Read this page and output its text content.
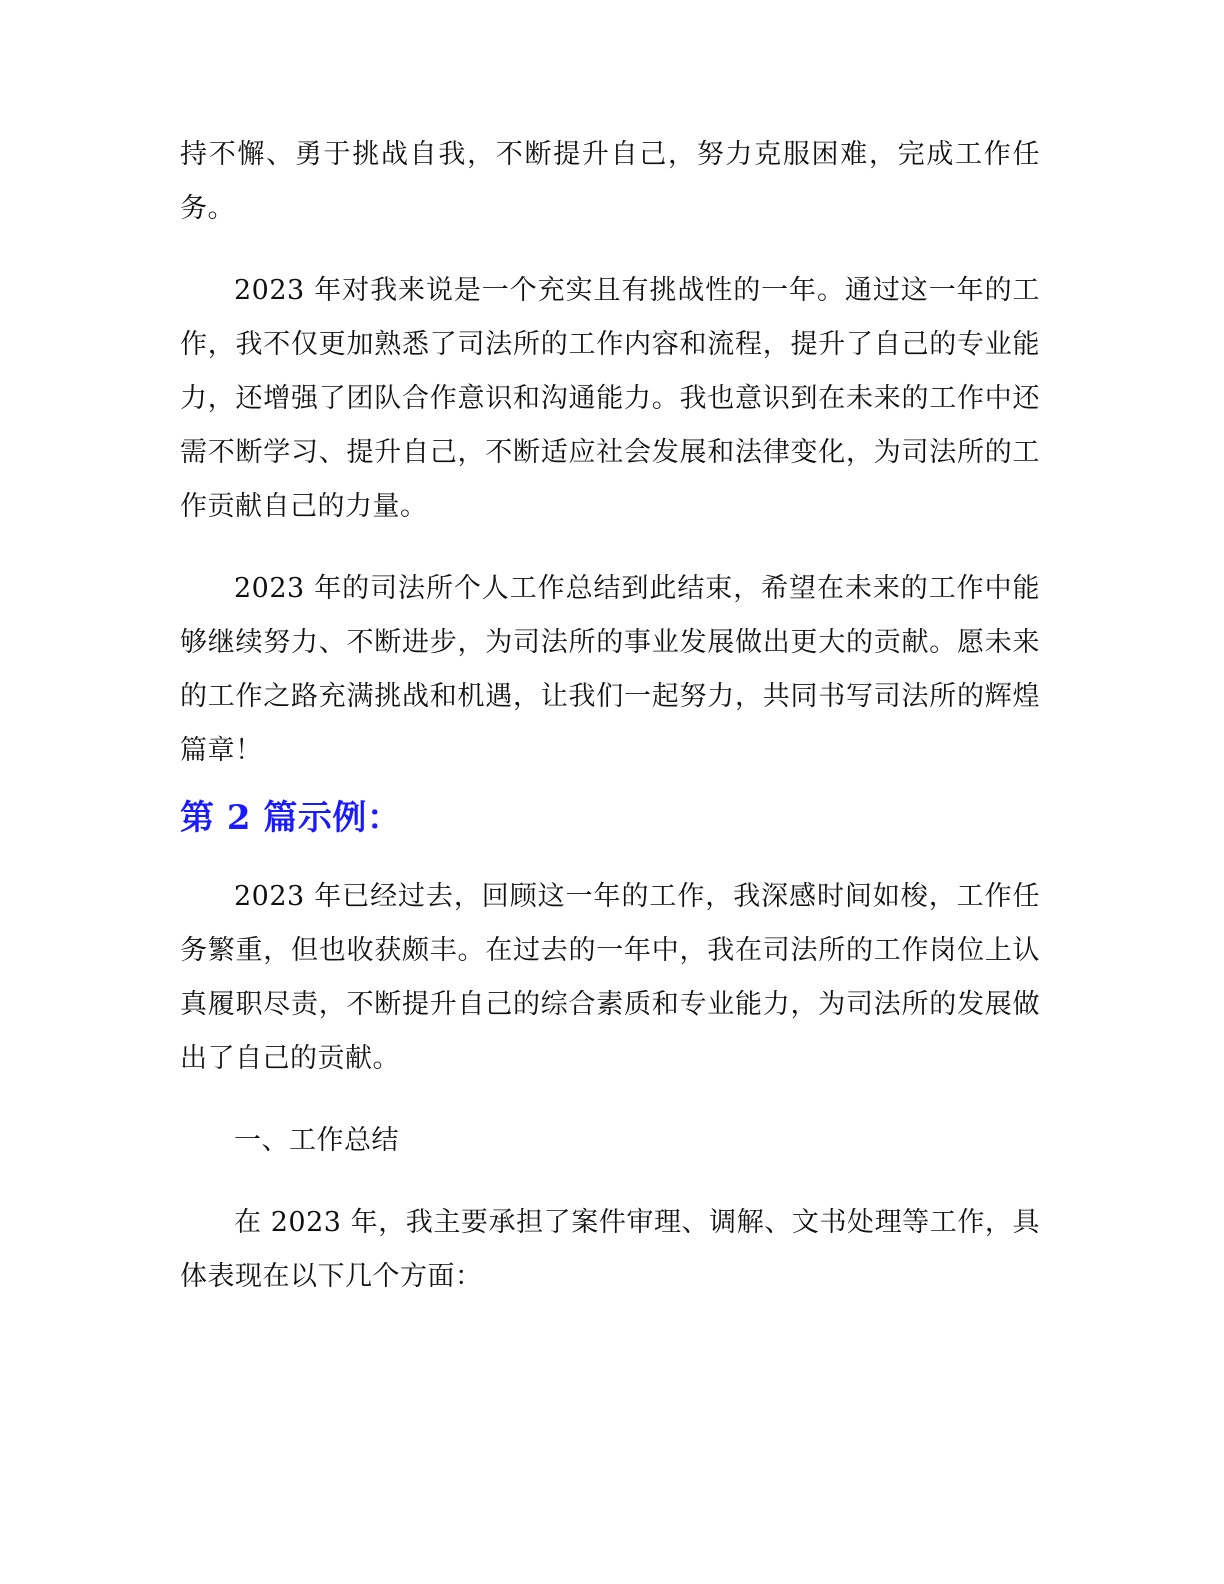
持不懈、勇于挑战自我，不断提升自己，努力克服困难，完成工作任务。

2023 年对我来说是一个充实且有挑战性的一年。通过这一年的工作，我不仅更加熟悉了司法所的工作内容和流程，提升了自己的专业能力，还增强了团队合作意识和沟通能力。我也意识到在未来的工作中还需不断学习、提升自己，不断适应社会发展和法律变化，为司法所的工作贡献自己的力量。

2023 年的司法所个人工作总结到此结束，希望在未来的工作中能够继续努力、不断进步，为司法所的事业发展做出更大的贡献。愿未来的工作之路充满挑战和机遇，让我们一起努力，共同书写司法所的辉煌篇章！

第 2 篇示例：

2023 年已经过去，回顾这一年的工作，我深感时间如梭，工作任务繁重，但也收获颇丰。在过去的一年中，我在司法所的工作岗位上认真履职尽责，不断提升自己的综合素质和专业能力，为司法所的发展做出了自己的贡献。

一、工作总结

在 2023 年，我主要承担了案件审理、调解、文书处理等工作，具体表现在以下几个方面：
